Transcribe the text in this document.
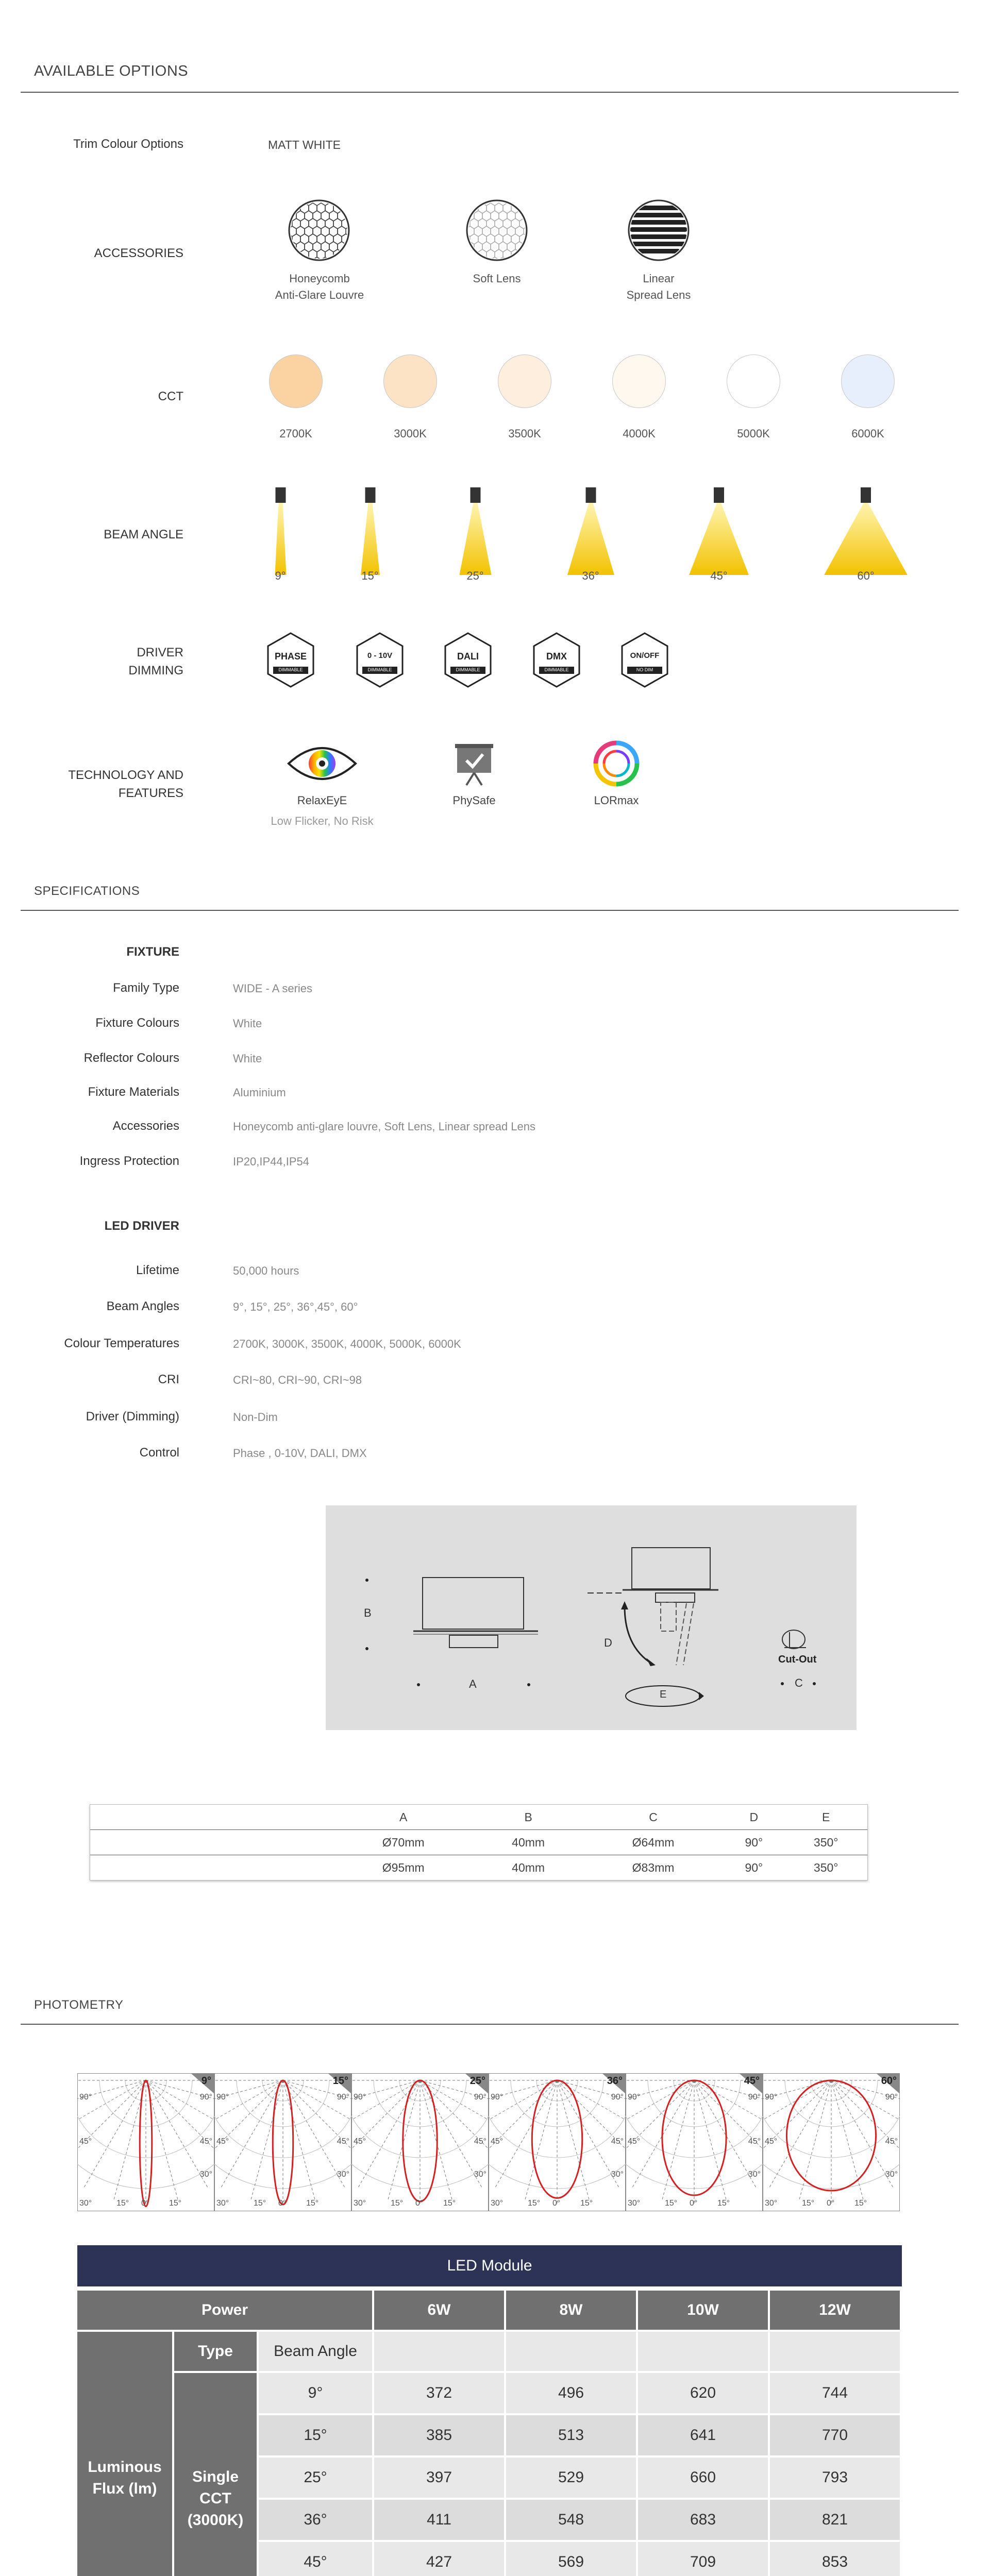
AVAILABLE OPTIONS
Trim Colour Options	MATT WHITE
ACCESSORIES
Honeycomb
Anti-Glare Louvre
Soft Lens	Linear
Spread Lens
CCT
2700K	3000K	3500K	4000K	5000K	6000K
BEAM ANGLE
9°	15°	25°	36°	45°	60°
DRIVER
DIMMING
PHASE
DIMMABLE
0 - 10V
DIMMABLE
DALI
DIMMABLE
DMX
DIMMABLE
ON/OFF
NO DIM
TECHNOLOGY AND
FEATURES
RelaxEyE
Low Flicker, No Risk
PhySafe	LORmax
SPECIFICATIONS
FIXTURE
Family Type	WIDE - A series
Fixture Colours	White
Reflector Colours	White
Fixture Materials	Aluminium
Accessories	Honeycomb anti-glare louvre, Soft Lens, Linear spread Lens
Ingress Protection	IP20,IP44,IP54
LED DRIVER
Lifetime	50,000 hours
Beam Angles	9°, 15°, 25°, 36°,45°, 60°
Colour Temperatures	2700K, 3000K, 3500K, 4000K, 5000K, 6000K
CRI	CRI~80, CRI~90, CRI~98
Driver (Dimming)	Non-Dim
Control	Phase , 0-10V, DALI, DMX
B
A
D
E
Cut-Out
C
	A	B	C	D	E
	Ø70mm	40mm	Ø64mm	90°	350°
	Ø95mm	40mm	Ø83mm	90°	350°
PHOTOMETRY
9°
90°	90°
45°	45°
30°
30°	15° 0° 15°
15°
90°	90°
45°	45°
30°
30°	15° 0° 15°
25°
90°	90°
45°	45°
30°
30°	15° 0° 15°
36°
90°	90°
45°	45°
30°
30°	15° 0° 15°
45°
90°	90°
45°	45°
30°
30°	15° 0° 15°
60°
90°	90°
45°	45°
30°
30°	15° 0° 15°
LED Module
Power	6W	8W	10W	12W
Luminous
Flux (lm)
Type	Beam Angle
Single
CCT
(3000K)
9°	372	496	620	744
15°	385	513	641	770
25°	397	529	660	793
36°	411	548	683	821
45°	427	569	709	853
